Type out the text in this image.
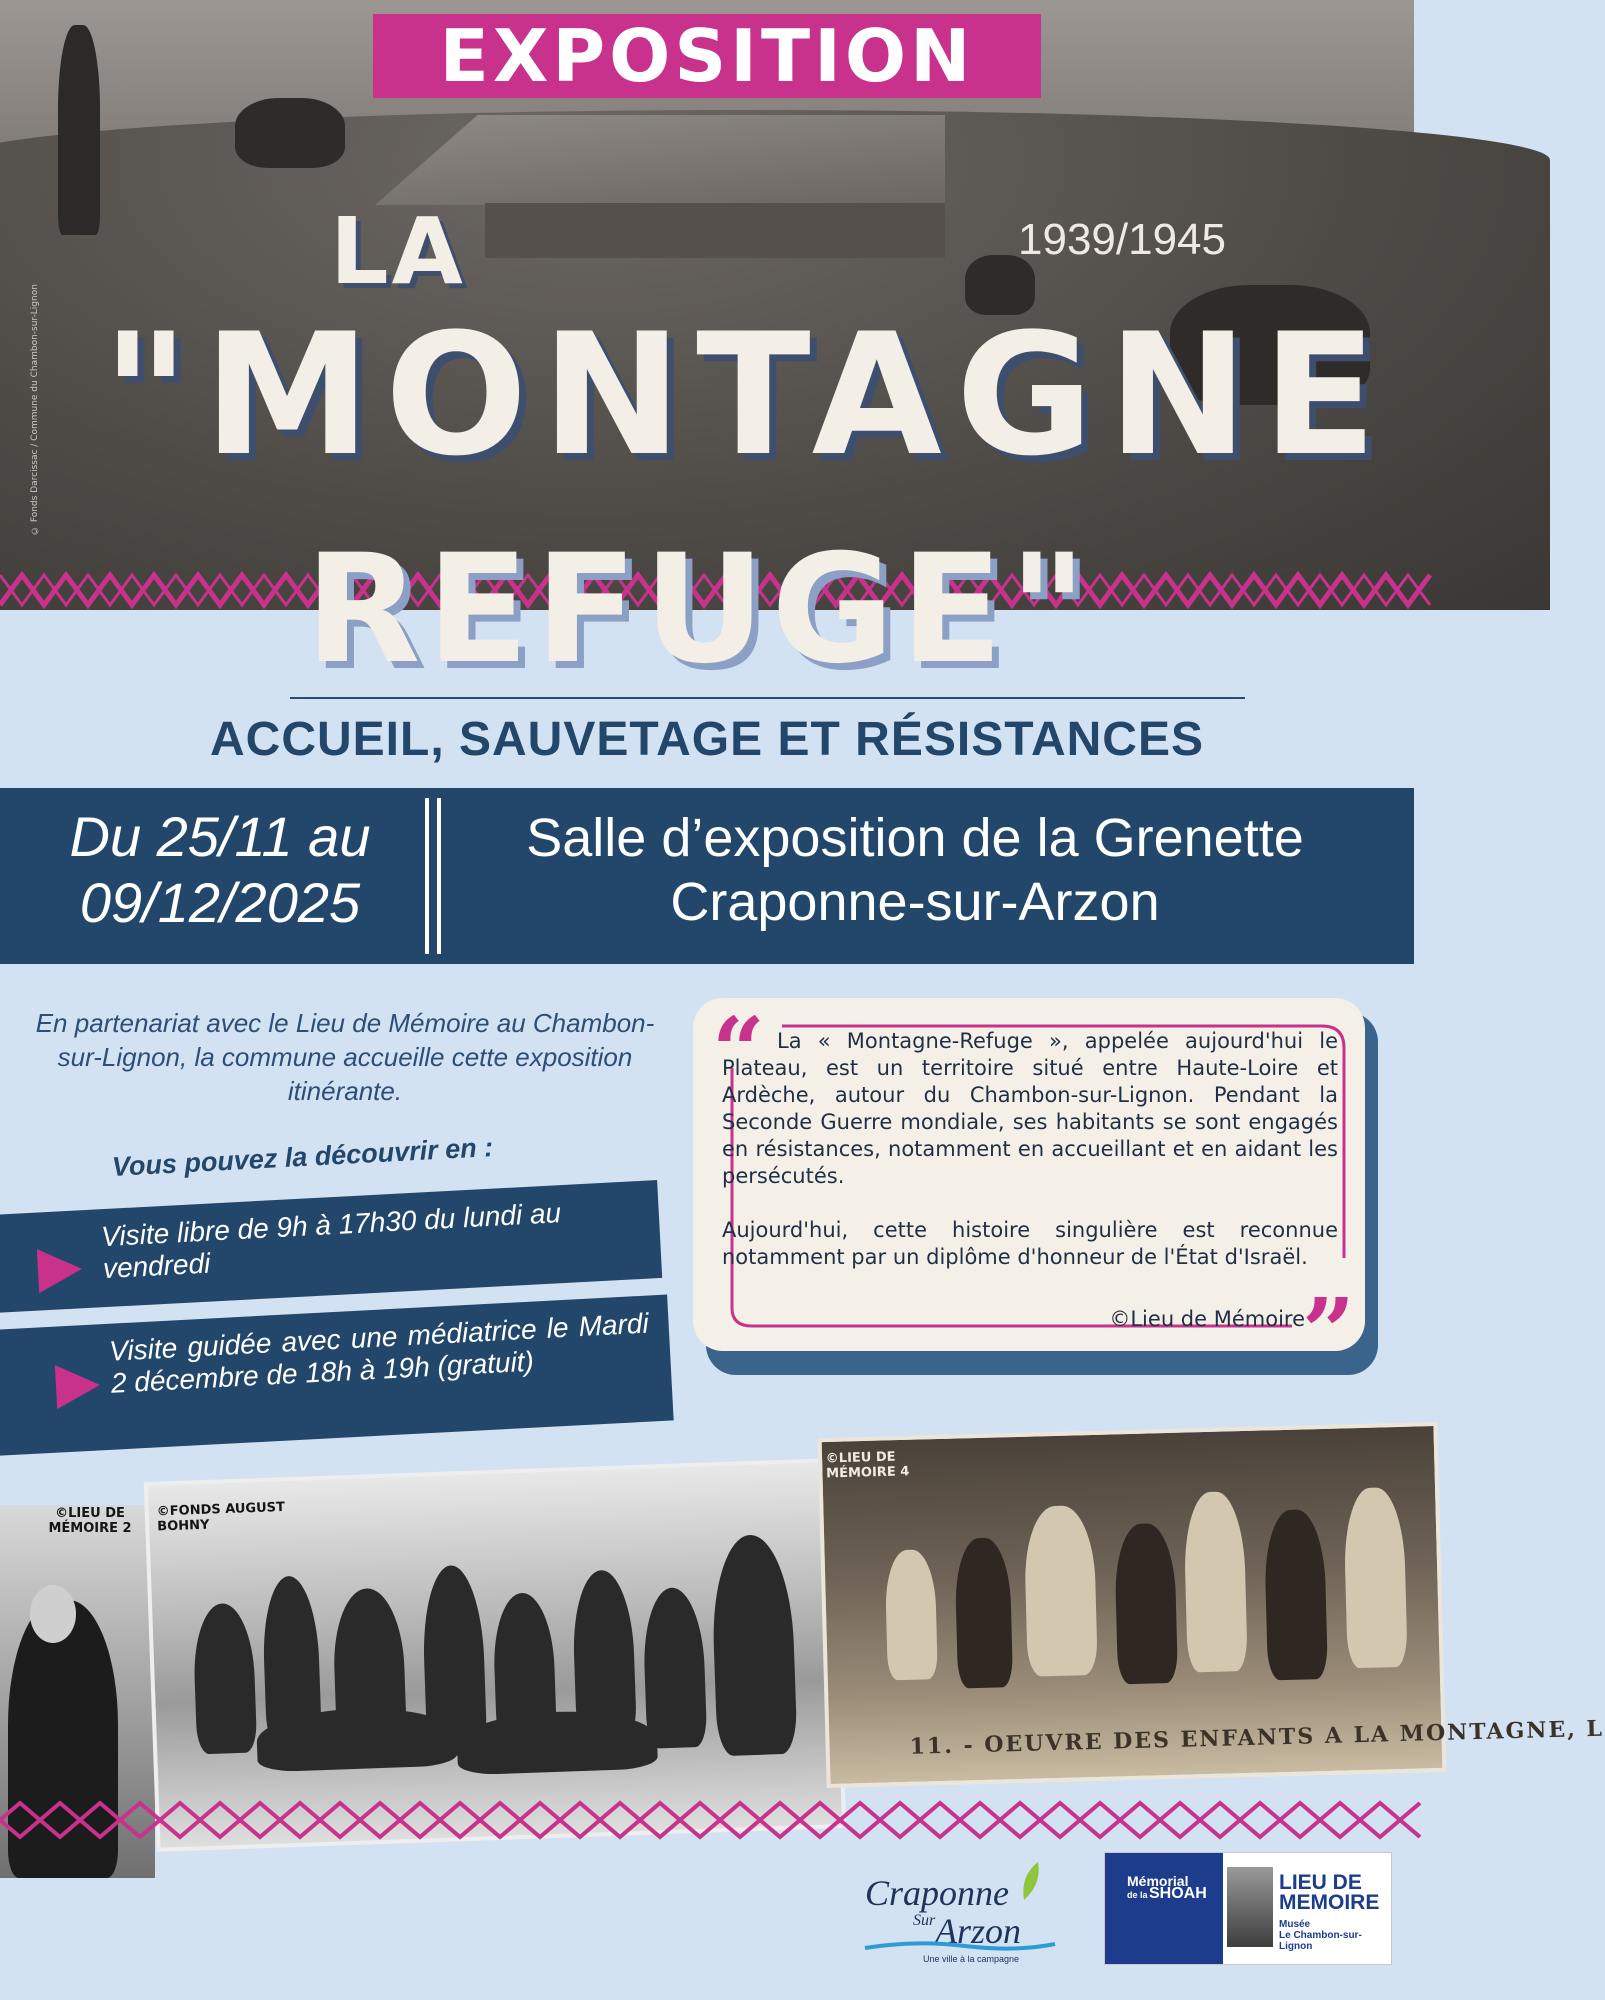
© Fonds Darcissac / Commune du Chambon-sur-Lignon
EXPOSITION
1939/1945
LA
"MONTAGNE
REFUGE"
ACCUEIL, SAUVETAGE ET RÉSISTANCES
Du 25/11 au
09/12/2025
Salle d’exposition de la Grenette
Craponne-sur-Arzon
En partenariat avec le Lieu de Mémoire au Chambon-sur-Lignon, la commune accueille cette exposition itinérante.
Vous pouvez la découvrir en :
Visite libre de 9h à 17h30 du lundi au vendredi
Visite guidée avec une médiatrice le Mardi 2 décembre de 18h à 19h (gratuit)
“ La « Montagne-Refuge », appelée aujourd'hui le Plateau, est un territoire situé entre Haute-Loire et Ardèche, autour du Chambon-sur-Lignon. Pendant la Seconde Guerre mondiale, ses habitants se sont engagés en résistances, notamment en accueillant et en aidant les persécutés.

Aujourd'hui, cette histoire singulière est reconnue notamment par un diplôme d'honneur de l'État d'Israël.

©Lieu de Mémoire
”
11. - OEUVRE DES ENFANTS A LA MONTAGNE, L
©LIEU DE MÉMOIRE 2
©FONDS AUGUST BOHNY
©LIEU DE MÉMOIRE 4
Craponne
Sur Arzon
Une ville à la campagne
Mémorial
de la SHOAH	LIEU DE
MEMOIRE
Musée
Le Chambon-sur-Lignon
